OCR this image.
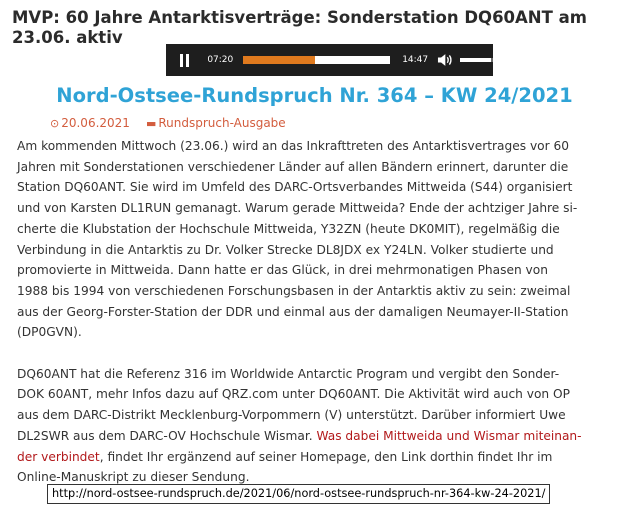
MVP: 60 Jahre Antarktisverträge: Sonderstation DQ60ANT am 23.06. aktiv
07:20	14:47
Nord-Ostsee-Rundspruch Nr. 364 – KW 24/2021
⊙ 20.06.2021 ▬ Rundspruch-Ausgabe

Am kommenden Mittwoch (23.06.) wird an das Inkrafttreten des Antarktisvertrages vor 60
Jahren mit Sonderstationen verschiedener Länder auf allen Bändern erinnert, darunter die
Station DQ60ANT. Sie wird im Umfeld des DARC-Ortsverbandes Mittweida (S44) organisiert
und von Karsten DL1RUN gemanagt. Warum gerade Mittweida? Ende der achtziger Jahre si-
cherte die Klubstation der Hochschule Mittweida, Y32ZN (heute DK0MIT), regelmäßig die
Verbindung in die Antarktis zu Dr. Volker Strecke DL8JDX ex Y24LN. Volker studierte und
promovierte in Mittweida. Dann hatte er das Glück, in drei mehrmonatigen Phasen von
1988 bis 1994 von verschiedenen Forschungsbasen in der Antarktis aktiv zu sein: zweimal
aus der Georg-Forster-Station der DDR und einmal aus der damaligen Neumayer-II-Station
(DP0GVN).

DQ60ANT hat die Referenz 316 im Worldwide Antarctic Program und vergibt den Sonder-
DOK 60ANT, mehr Infos dazu auf QRZ.com unter DQ60ANT. Die Aktivität wird auch von OP
aus dem DARC-Distrikt Mecklenburg-Vorpommern (V) unterstützt. Darüber informiert Uwe
DL2SWR aus dem DARC-OV Hochschule Wismar. Was dabei Mittweida und Wismar miteinan-
der verbindet, findet Ihr ergänzend auf seiner Homepage, den Link dorthin findet Ihr im
Online-Manuskript zu dieser Sendung.

http://nord-ostsee-rundspruch.de/2021/06/nord-ostsee-rundspruch-nr-364-kw-24-2021/
